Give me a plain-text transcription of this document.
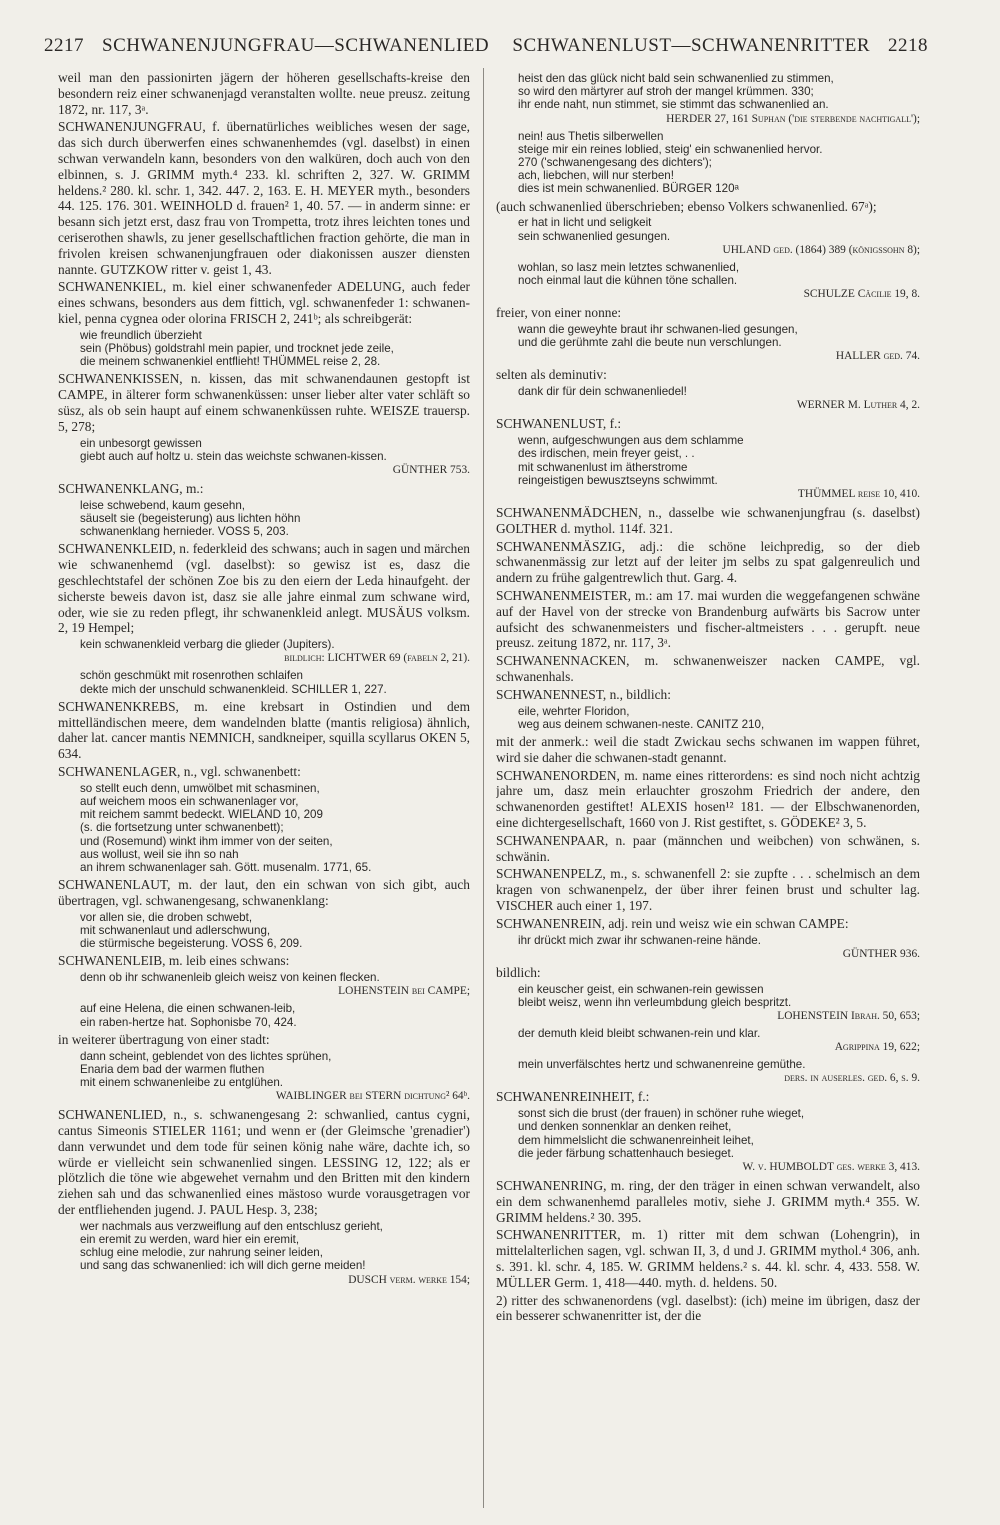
2217 SCHWANENJUNGFRAU—SCHWANENLIED SCHWANENLUST—SCHWANENRITTER 2218
weil man den passionirten jägern der höheren gesellschafts-kreise den besondern reiz einer schwanenjagd veranstalten wollte. neue preusz. zeitung 1872, nr. 117, 3ᵃ.
SCHWANENJUNGFRAU, f. übernatürliches weibliches wesen der sage, das sich durch überwerfen eines schwanenhemdes (vgl. daselbst) in einen schwan verwandeln kann, besonders von den walküren, doch auch von den elbinnen, s. J. GRIMM myth.⁴ 233. kl. schriften 2, 327. W. GRIMM heldens.² 280. kl. schr. 1, 342. 447. 2, 163. E. H. MEYER myth., besonders 44. 125. 176. 301. WEINHOLD d. frauen² 1, 40. 57. — in anderm sinne: er besann sich jetzt erst, dasz frau von Trompetta, trotz ihres leichten tones und ceriserothen shawls, zu jener gesellschaftlichen fraction gehörte, die man in frivolen kreisen schwanenjungfrauen oder diakonissen auszer diensten nannte. GUTZKOW ritter v. geist 1, 43.
SCHWANENKIEL, m. kiel einer schwanenfeder ADELUNG, auch feder eines schwans, besonders aus dem fittich, vgl. schwanenfeder 1: schwanen-kiel, penna cygnea oder olorina FRISCH 2, 241ᵇ; als schreibgerät:
wie freundlich überzieht
sein (Phöbus) goldstrahl mein papier, und trocknet jede zeile,
die meinem schwanenkiel entflieht! THÜMMEL reise 2, 28.
SCHWANENKISSEN, n. kissen, das mit schwanendaunen gestopft ist CAMPE, in älterer form schwanenküssen: unser lieber alter vater schläft so süsz, als ob sein haupt auf einem schwanenküssen ruhte. WEISZE trauersp. 5, 278;
ein unbesorgt gewissen
giebt auch auf holtz u. stein das weichste schwanen-kissen.
GÜNTHER 753.
SCHWANENKLANG, m.:
leise schwebend, kaum gesehn,
säuselt sie (begeisterung) aus lichten höhn
schwanenklang hernieder. VOSS 5, 203.
SCHWANENKLEID, n. federkleid des schwans; auch in sagen und märchen wie schwanenhemd (vgl. daselbst): so gewisz ist es, dasz die geschlechtstafel der schönen Zoe bis zu den eiern der Leda hinaufgeht. der sicherste beweis davon ist, dasz sie alle jahre einmal zum schwane wird, oder, wie sie zu reden pflegt, ihr schwanenkleid anlegt. MUSÄUS volksm. 2, 19 Hempel;
kein schwanenkleid verbarg die glieder (Jupiters).
bildlich: LICHTWER 69 (fabeln 2, 21).
schön geschmükt mit rosenrothen schlaifen
dekte mich der unschuld schwanenkleid. SCHILLER 1, 227.
SCHWANENKREBS, m. eine krebsart in Ostindien und dem mittelländischen meere, dem wandelnden blatte (mantis religiosa) ähnlich, daher lat. cancer mantis NEMNICH, sandkneiper, squilla scyllarus OKEN 5, 634.
SCHWANENLAGER, n., vgl. schwanenbett:
so stellt euch denn, umwölbet mit schasminen,
auf weichem moos ein schwanenlager vor,
mit reichem sammt bedeckt. WIELAND 10, 209
(s. die fortsetzung unter schwanenbett);
und (Rosemund) winkt ihm immer von der seiten,
aus wollust, weil sie ihn so nah
an ihrem schwanenlager sah. Gött. musenalm. 1771, 65.
SCHWANENLAUT, m. der laut, den ein schwan von sich gibt, auch übertragen, vgl. schwanengesang, schwanenklang:
vor allen sie, die droben schwebt,
mit schwanenlaut und adlerschwung,
die stürmische begeisterung. VOSS 6, 209.
SCHWANENLEIB, m. leib eines schwans:
denn ob ihr schwanenleib gleich weisz von keinen flecken.
LOHENSTEIN bei CAMPE;
auf eine Helena, die einen schwanen-leib,
ein raben-hertze hat. Sophonisbe 70, 424.
in weiterer übertragung von einer stadt:
dann scheint, geblendet von des lichtes sprühen,
Enaria dem bad der warmen fluthen
mit einem schwanenleibe zu entglühen.
WAIBLINGER bei STERN dichtung² 64ᵇ.
SCHWANENLIED, n., s. schwanengesang 2: schwanlied, cantus cygni, cantus Simeonis STIELER 1161; und wenn er (der Gleimsche 'grenadier') dann verwundet und dem tode für seinen könig nahe wäre, dachte ich, so würde er vielleicht sein schwanenlied singen. LESSING 12, 122; als er plötzlich die töne wie abgewehet vernahm und den Britten mit den kindern ziehen sah und das schwanenlied eines mästoso wurde vorausgetragen vor der entfliehenden jugend. J. PAUL Hesp. 3, 238;
wer nachmals aus verzweiflung auf den entschlusz gerieht,
ein eremit zu werden, ward hier ein eremit,
schlug eine melodie, zur nahrung seiner leiden,
und sang das schwanenlied: ich will dich gerne meiden!
DUSCH verm. werke 154;
heist den das glück nicht bald sein schwanenlied zu stimmen,
so wird den märtyrer auf stroh der mangel krümmen. 330;
ihr ende naht, nun stimmet, sie stimmt das schwanenlied an.
HERDER 27, 161 Suphan ('die sterbende nachtigall');
nein! aus Thetis silberwellen
steige mir ein reines loblied, steig' ein schwanenlied hervor.
270 ('schwanengesang des dichters');
ach, liebchen, will nur sterben!
dies ist mein schwanenlied. BÜRGER 120ᵃ
(auch schwanenlied überschrieben; ebenso Volkers schwanenlied. 67ᵃ);
er hat in licht und seligkeit
sein schwanenlied gesungen.
UHLAND ged. (1864) 389 (königssohn 8);
wohlan, so lasz mein letztes schwanenlied,
noch einmal laut die kühnen töne schallen.
SCHULZE Cäcilie 19, 8.
freier, von einer nonne:
wann die geweyhte braut ihr schwanen-lied gesungen,
und die gerühmte zahl die beute nun verschlungen.
HALLER ged. 74.
selten als deminutiv:
dank dir für dein schwanenliedel!
WERNER M. Luther 4, 2.
SCHWANENLUST, f.:
wenn, aufgeschwungen aus dem schlamme
des irdischen, mein freyer geist, . .
mit schwanenlust im ätherstrome
reingeistigen bewusztseyns schwimmt.
THÜMMEL reise 10, 410.
SCHWANENMÄDCHEN, n., dasselbe wie schwanenjungfrau (s. daselbst) GOLTHER d. mythol. 114f. 321.
SCHWANENMÄSZIG, adj.: die schöne leichpredig, so der dieb schwanenmässig zur letzt auf der leiter jm selbs zu spat galgenreulich und andern zu frühe galgentrewlich thut. Garg. 4.
SCHWANENMEISTER, m.: am 17. mai wurden die weggefangenen schwäne auf der Havel von der strecke von Brandenburg aufwärts bis Sacrow unter aufsicht des schwanenmeisters und fischer-altmeisters . . . gerupft. neue preusz. zeitung 1872, nr. 117, 3ᵃ.
SCHWANENNACKEN, m. schwanenweiszer nacken CAMPE, vgl. schwanenhals.
SCHWANENNEST, n., bildlich:
eile, wehrter Floridon,
weg aus deinem schwanen-neste. CANITZ 210,
mit der anmerk.: weil die stadt Zwickau sechs schwanen im wappen führet, wird sie daher die schwanen-stadt genannt.
SCHWANENORDEN, m. name eines ritterordens: es sind noch nicht achtzig jahre um, dasz mein erlauchter groszohm Friedrich der andere, den schwanenorden gestiftet! ALEXIS hosen¹² 181. — der Elbschwanenorden, eine dichtergesellschaft, 1660 von J. Rist gestiftet, s. GÖDEKE² 3, 5.
SCHWANENPAAR, n. paar (männchen und weibchen) von schwänen, s. schwänin.
SCHWANENPELZ, m., s. schwanenfell 2: sie zupfte . . . schelmisch an dem kragen von schwanenpelz, der über ihrer feinen brust und schulter lag. VISCHER auch einer 1, 197.
SCHWANENREIN, adj. rein und weisz wie ein schwan CAMPE:
ihr drückt mich zwar ihr schwanen-reine hände.
GÜNTHER 936.
bildlich:
ein keuscher geist, ein schwanen-rein gewissen
bleibt weisz, wenn ihn verleumbdung gleich bespritzt.
LOHENSTEIN Ibrah. 50, 653;
der demuth kleid bleibt schwanen-rein und klar.
Agrippina 19, 622;
mein unverfälschtes hertz und schwanenreine gemüthe.
ders. in auserles. ged. 6, s. 9.
SCHWANENREINHEIT, f.:
sonst sich die brust (der frauen) in schöner ruhe wieget,
und denken sonnenklar an denken reihet,
dem himmelslicht die schwanenreinheit leihet,
die jeder färbung schattenhauch besieget.
W. v. HUMBOLDT ges. werke 3, 413.
SCHWANENRING, m. ring, der den träger in einen schwan verwandelt, also ein dem schwanenhemd paralleles motiv, siehe J. GRIMM myth.⁴ 355. W. GRIMM heldens.² 30. 395.
SCHWANENRITTER, m. 1) ritter mit dem schwan (Lohengrin), in mittelalterlichen sagen, vgl. schwan II, 3, d und J. GRIMM mythol.⁴ 306, anh. s. 391. kl. schr. 4, 185. W. GRIMM heldens.² s. 44. kl. schr. 4, 433. 558. W. MÜLLER Germ. 1, 418—440. myth. d. heldens. 50.
2) ritter des schwanenordens (vgl. daselbst): (ich) meine im übrigen, dasz der ein besserer schwanenritter ist, der die
